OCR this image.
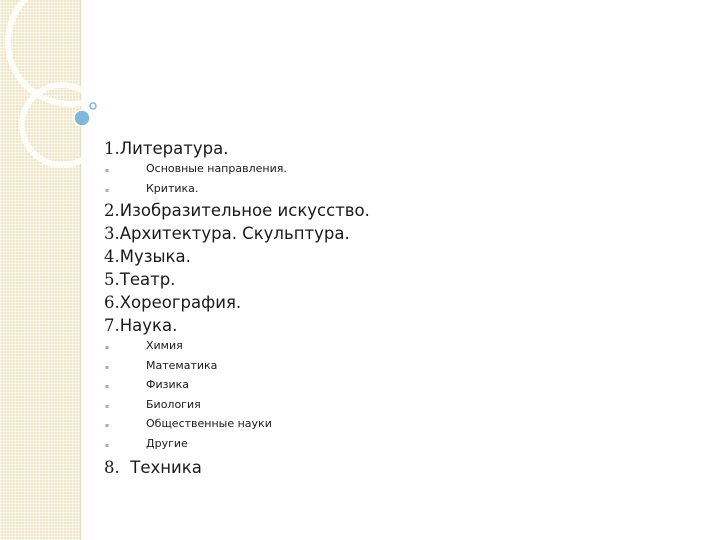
1. Литература.
▪	Основные направления.
▪	Критика.
2. Изобразительное искусство.
3. Архитектура. Скульптура.
4. Музыка.
5. Театр.
6. Хореография.
7. Наука.
▪	Химия
▪	Математика
▪	Физика
▪	Биология
▪	Общественные науки
▪	Другие
8. Техника
